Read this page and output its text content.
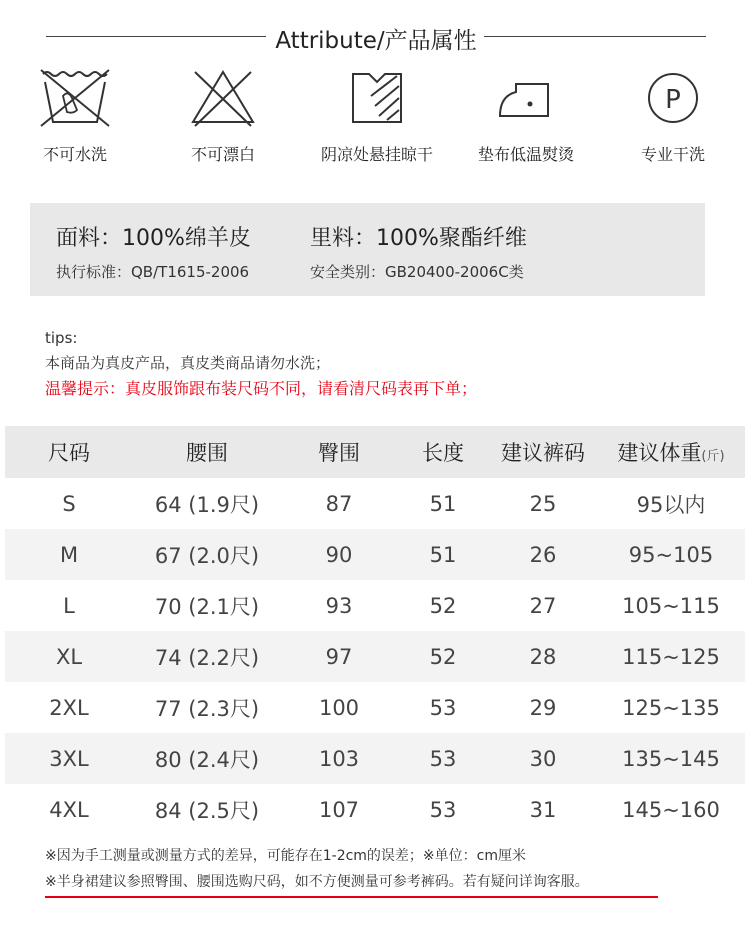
Attribute/产品属性
不可水洗	不可漂白	阴凉处悬挂晾干	垫布低温熨烫
P
专业干洗
面料：100%绵羊皮	里料：100%聚酯纤维
执行标准：QB/T1615-2006	安全类别：GB20400-2006C类
tips:
本商品为真皮产品，真皮类商品请勿水洗；
温馨提示：真皮服饰跟布装尺码不同，请看清尺码表再下单；
尺码	腰围	臀围	长度	建议裤码	建议体重(斤)
S	64 (1.9尺)	87	51	25	95以内
M	67 (2.0尺)	90	51	26	95~105
L	70 (2.1尺)	93	52	27	105~115
XL	74 (2.2尺)	97	52	28	115~125
2XL	77 (2.3尺)	100	53	29	125~135
3XL	80 (2.4尺)	103	53	30	135~145
4XL	84 (2.5尺)	107	53	31	145~160
※因为手工测量或测量方式的差异，可能存在1-2cm的误差；※单位：cm厘米
※半身裙建议参照臀围、腰围选购尺码，如不方便测量可参考裤码。若有疑问详询客服。
